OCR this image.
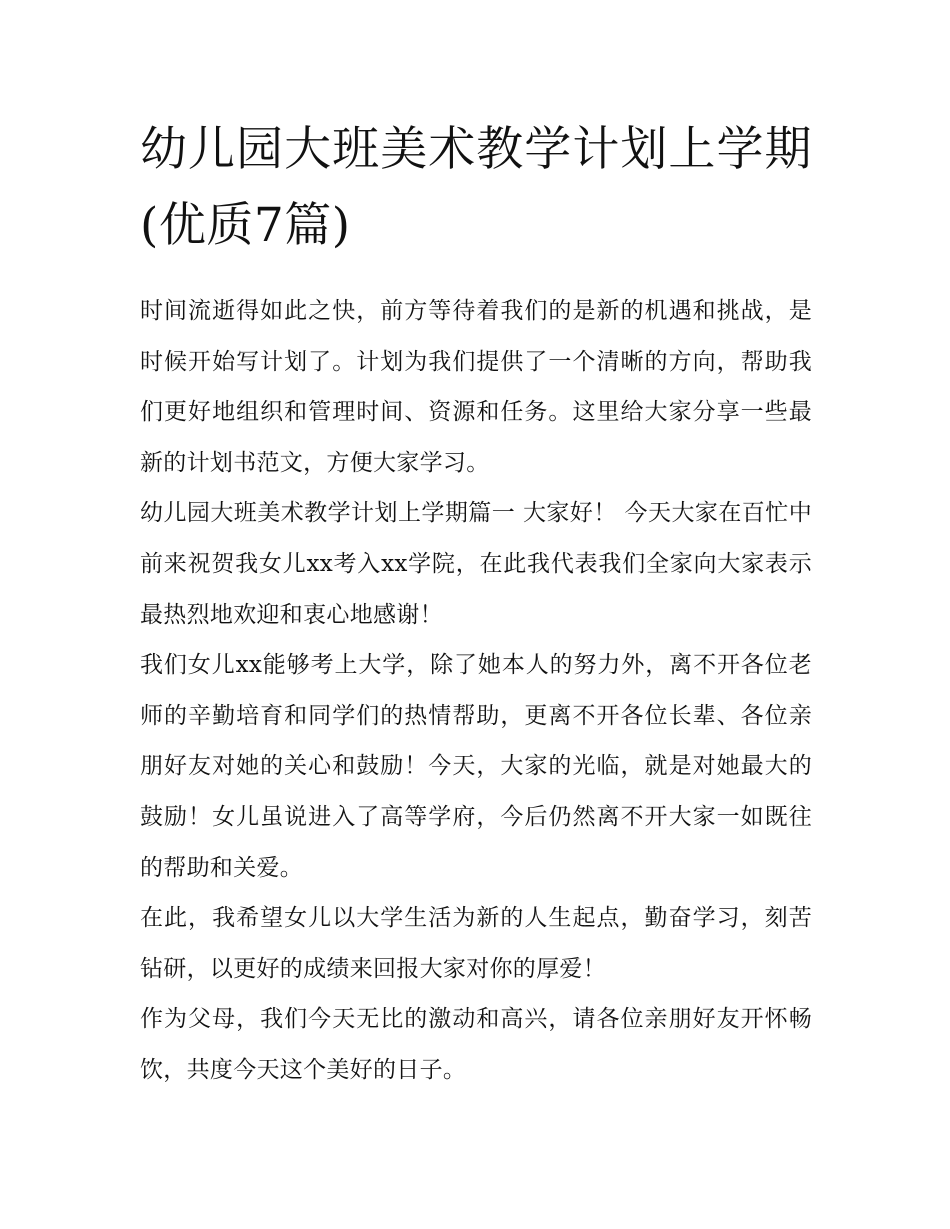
幼儿园大班美术教学计划上学期(优质7篇)

时间流逝得如此之快，前方等待着我们的是新的机遇和挑战，是时候开始写计划了。计划为我们提供了一个清晰的方向，帮助我们更好地组织和管理时间、资源和任务。这里给大家分享一些最新的计划书范文，方便大家学习。

幼儿园大班美术教学计划上学期篇一 大家好！ 今天大家在百忙中前来祝贺我女儿xx考入xx学院，在此我代表我们全家向大家表示最热烈地欢迎和衷心地感谢！

我们女儿xx能够考上大学，除了她本人的努力外，离不开各位老师的辛勤培育和同学们的热情帮助，更离不开各位长辈、各位亲朋好友对她的关心和鼓励！今天，大家的光临，就是对她最大的鼓励！女儿虽说进入了高等学府，今后仍然离不开大家一如既往的帮助和关爱。

在此，我希望女儿以大学生活为新的人生起点，勤奋学习，刻苦钻研，以更好的成绩来回报大家对你的厚爱！

作为父母，我们今天无比的激动和高兴，请各位亲朋好友开怀畅饮，共度今天这个美好的日子。
